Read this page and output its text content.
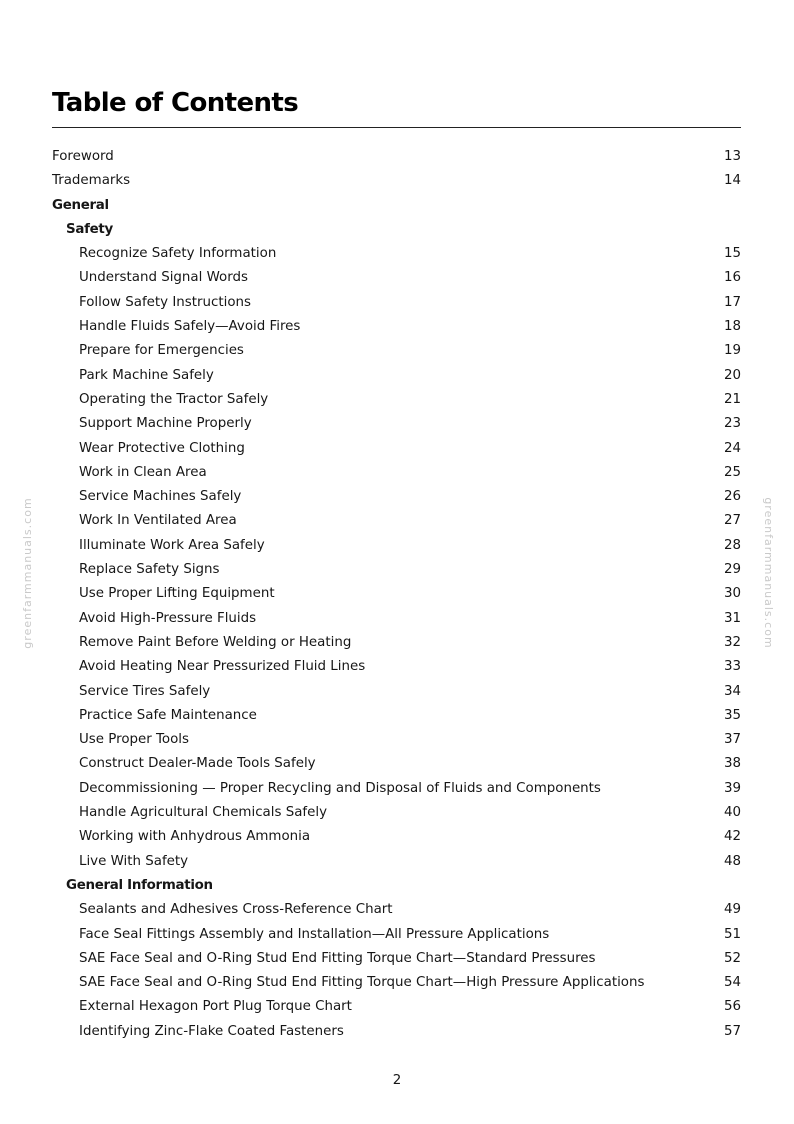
Table of Contents
Foreword	13
Trademarks	14
General
Safety
Recognize Safety Information	15
Understand Signal Words	16
Follow Safety Instructions	17
Handle Fluids Safely—Avoid Fires	18
Prepare for Emergencies	19
Park Machine Safely	20
Operating the Tractor Safely	21
Support Machine Properly	23
Wear Protective Clothing	24
Work in Clean Area	25
Service Machines Safely	26
Work In Ventilated Area	27
Illuminate Work Area Safely	28
Replace Safety Signs	29
Use Proper Lifting Equipment	30
Avoid High-Pressure Fluids	31
Remove Paint Before Welding or Heating	32
Avoid Heating Near Pressurized Fluid Lines	33
Service Tires Safely	34
Practice Safe Maintenance	35
Use Proper Tools	37
Construct Dealer-Made Tools Safely	38
Decommissioning — Proper Recycling and Disposal of Fluids and Components	39
Handle Agricultural Chemicals Safely	40
Working with Anhydrous Ammonia	42
Live With Safety	48
General Information
Sealants and Adhesives Cross-Reference Chart	49
Face Seal Fittings Assembly and Installation—All Pressure Applications	51
SAE Face Seal and O-Ring Stud End Fitting Torque Chart—Standard Pressures	52
SAE Face Seal and O-Ring Stud End Fitting Torque Chart—High Pressure Applications	54
External Hexagon Port Plug Torque Chart	56
Identifying Zinc-Flake Coated Fasteners	57
2
greenfarmmanuals.com	greenfarmmanuals.com
